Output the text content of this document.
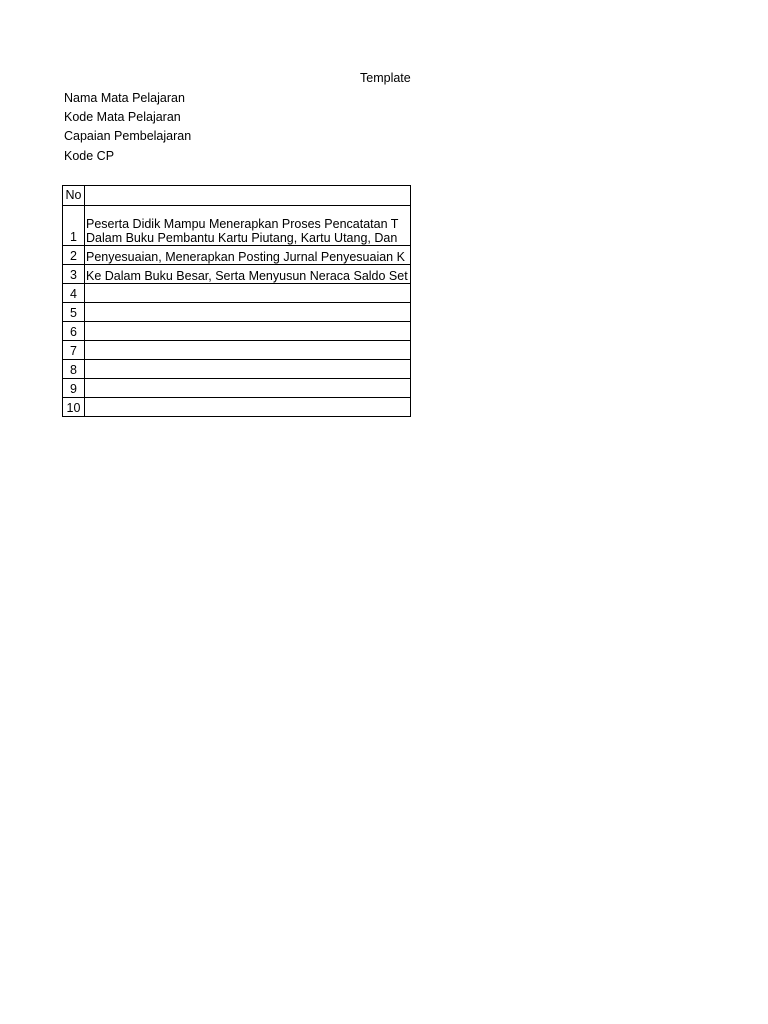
Template
Nama Mata Pelajaran
Kode Mata Pelajaran
Capaian Pembelajaran
Kode CP
No	
1	Peserta Didik Mampu Menerapkan Proses Pencatatan T
Dalam Buku Pembantu Kartu Piutang, Kartu Utang, Dan

2	Penyesuaian, Menerapkan Posting Jurnal Penyesuaian K

3	Ke Dalam Buku Besar, Serta Menyusun Neraca Saldo Set

4	

5	

6	

7	

8	

9	

10	
